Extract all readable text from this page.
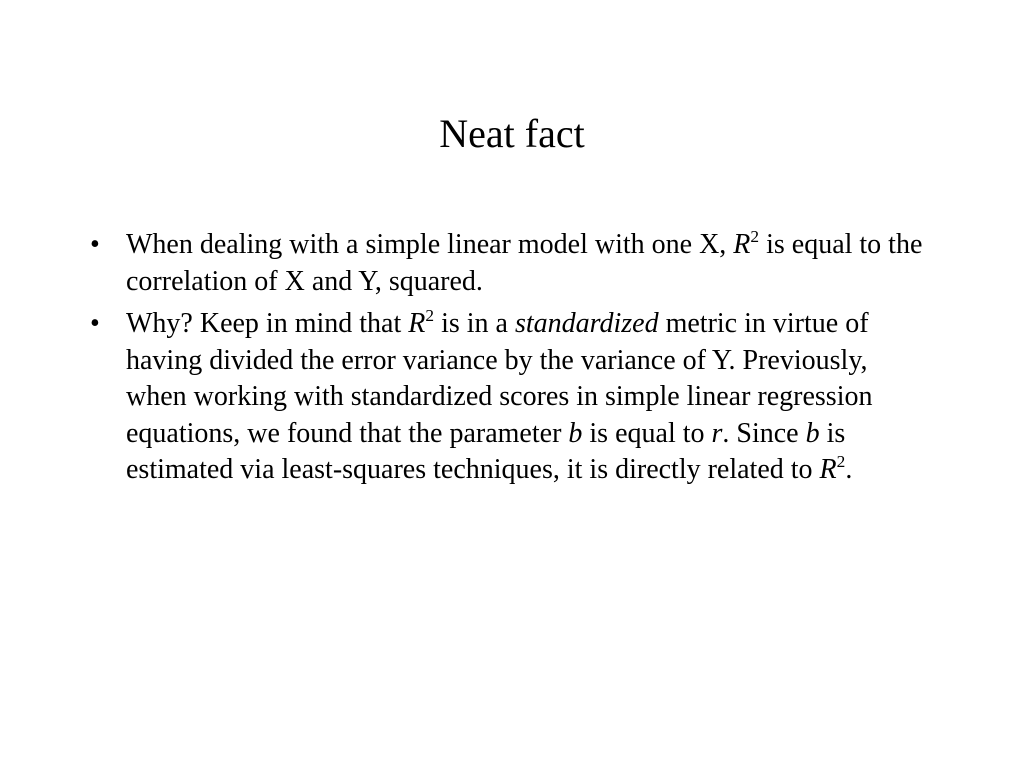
Neat fact
• When dealing with a simple linear model with one X, $R^2$ is equal to the correlation of X and Y, squared.
• Why? Keep in mind that $R^2$ is in a standardized metric in virtue of having divided the error variance by the variance of Y. Previously, when working with standardized scores in simple linear regression equations, we found that the parameter b is equal to r. Since b is estimated via least-squares techniques, it is directly related to $R^2$.
